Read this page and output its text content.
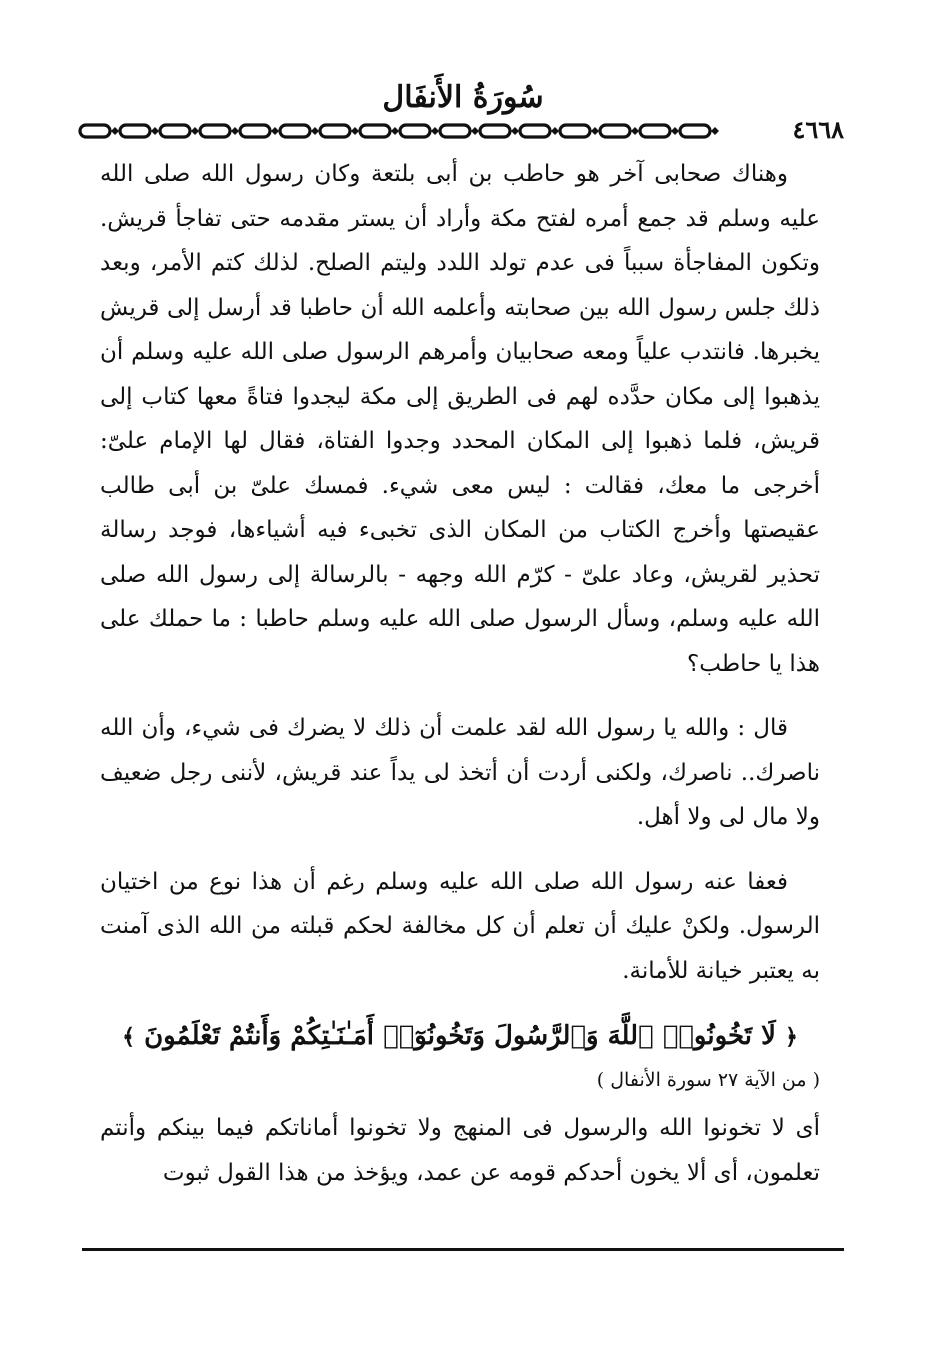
سُورَةُ الأَنفَال
٤٦٦٨

وهناك صحابى آخر هو حاطب بن أبى بلتعة وكان رسول الله صلى الله عليه وسلم قد جمع أمره لفتح مكة وأراد أن يستر مقدمه حتى تفاجأ قريش. وتكون المفاجأة سبباً فى عدم تولد اللدد وليتم الصلح. لذلك كتم الأمر، وبعد ذلك جلس رسول الله بين صحابته وأعلمه الله أن حاطبا قد أرسل إلى قريش يخبرها. فانتدب علياً ومعه صحابيان وأمرهم الرسول صلى الله عليه وسلم أن يذهبوا إلى مكان حدَّده لهم فى الطريق إلى مكة ليجدوا فتاةً معها كتاب إلى قريش، فلما ذهبوا إلى المكان المحدد وجدوا الفتاة، فقال لها الإمام علىّ: أخرجى ما معك، فقالت : ليس معى شيء. فمسك علىّ بن أبى طالب عقيصتها وأخرج الكتاب من المكان الذى تخبىء فيه أشياءها، فوجد رسالة تحذير لقريش، وعاد علىّ - كرّم الله وجهه - بالرسالة إلى رسول الله صلى الله عليه وسلم، وسأل الرسول صلى الله عليه وسلم حاطبا : ما حملك على هذا يا حاطب؟

قال : والله يا رسول الله لقد علمت أن ذلك لا يضرك فى شيء، وأن الله ناصرك.. ناصرك، ولكنى أردت أن أتخذ لى يداً عند قريش، لأننى رجل ضعيف ولا مال لى ولا أهل.

فعفا عنه رسول الله صلى الله عليه وسلم رغم أن هذا نوع من اختيان الرسول. ولكنْ عليك أن تعلم أن كل مخالفة لحكم قبلته من الله الذى آمنت به يعتبر خيانة للأمانة.

﴿ لَا تَخُونُوا۟ ٱللَّهَ وَٱلرَّسُولَ وَتَخُونُوٓا۟ أَمَـٰنَـٰتِكُمْ وَأَنتُمْ تَعْلَمُونَ ﴾

( من الآية ٢٧ سورة الأنفال )

أى لا تخونوا الله والرسول فى المنهج ولا تخونوا أماناتكم فيما بينكم وأنتم تعلمون، أى ألا يخون أحدكم قومه عن عمد، ويؤخذ من هذا القول ثبوت
